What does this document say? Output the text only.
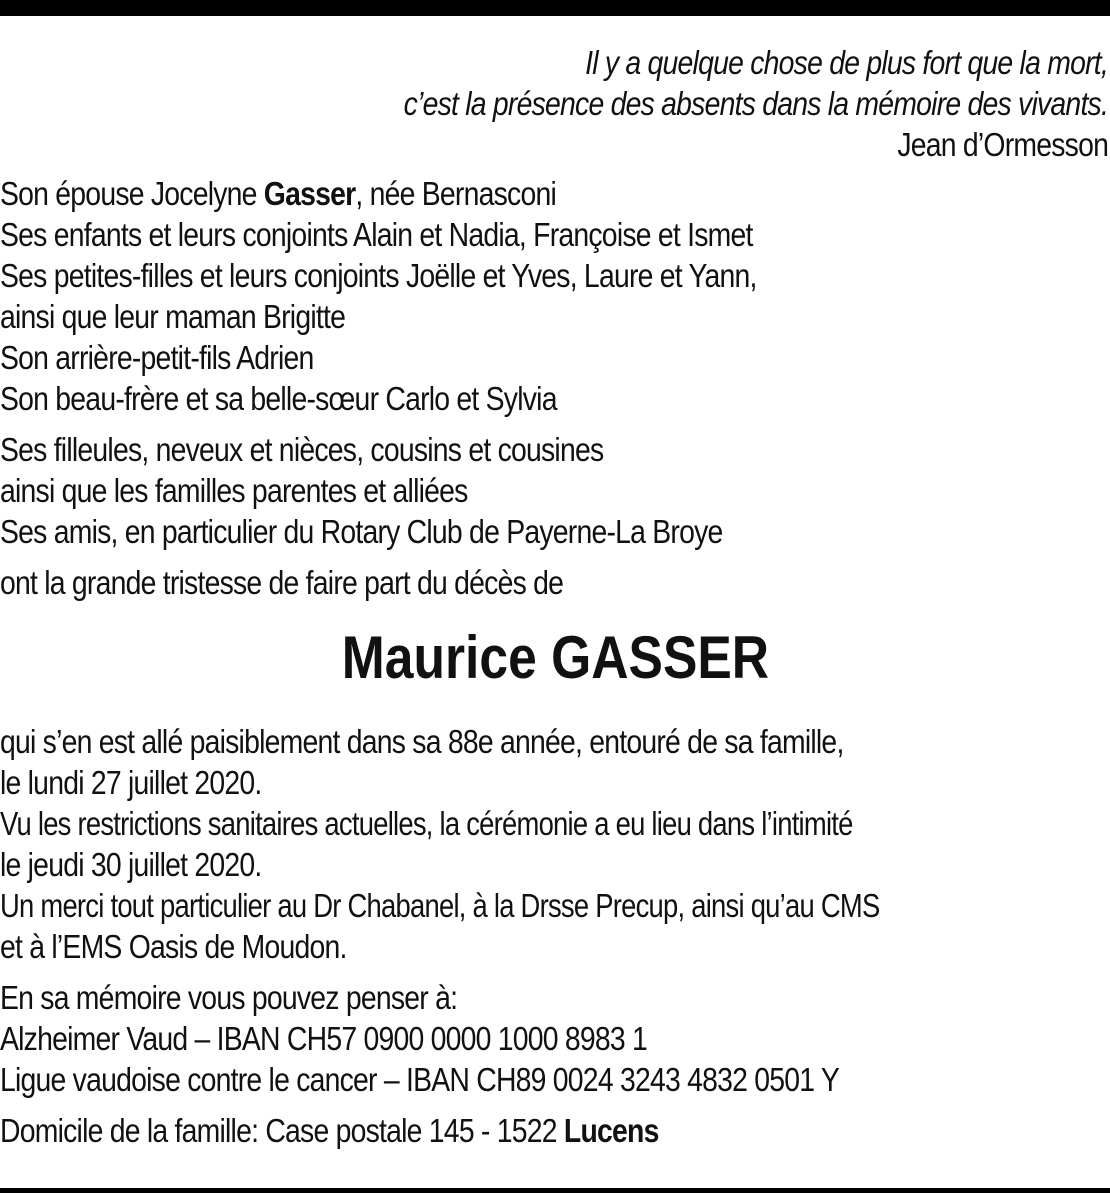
Il y a quelque chose de plus fort que la mort,
c’est la présence des absents dans la mémoire des vivants.
Jean d’Ormesson
Son épouse Jocelyne Gasser, née Bernasconi
Ses enfants et leurs conjoints Alain et Nadia, Françoise et Ismet
Ses petites-filles et leurs conjoints Joëlle et Yves, Laure et Yann,
ainsi que leur maman Brigitte
Son arrière-petit-fils Adrien
Son beau-frère et sa belle-sœur Carlo et Sylvia
Ses filleules, neveux et nièces, cousins et cousines
ainsi que les familles parentes et alliées
Ses amis, en particulier du Rotary Club de Payerne-La Broye
ont la grande tristesse de faire part du décès de
Maurice GASSER
qui s’en est allé paisiblement dans sa 88e année, entouré de sa famille,
le lundi 27 juillet 2020.
Vu les restrictions sanitaires actuelles, la cérémonie a eu lieu dans l’intimité
le jeudi 30 juillet 2020.
Un merci tout particulier au Dr Chabanel, à la Drsse Precup, ainsi qu’au CMS
et à l’EMS Oasis de Moudon.
En sa mémoire vous pouvez penser à:
Alzheimer Vaud – IBAN CH57 0900 0000 1000 8983 1
Ligue vaudoise contre le cancer – IBAN CH89 0024 3243 4832 0501 Y
Domicile de la famille: Case postale 145 - 1522 Lucens
